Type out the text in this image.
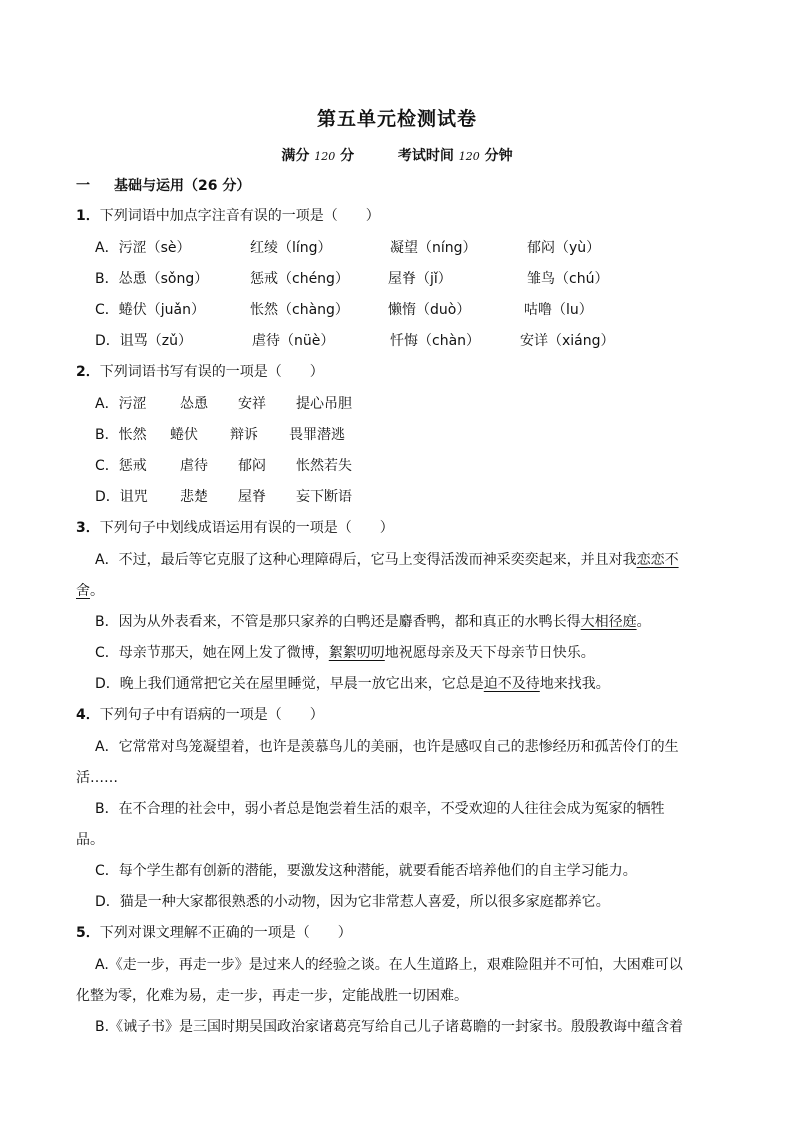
第五单元检测试卷
满分 120 分	考试时间 120 分钟
一 基础与运用（26 分）
1．下列词语中加点字注音有误的一项是（　　）
A．污涩（sè）	红绫（líng）	凝望（níng）	郁闷（yù）
B．怂恿（sǒng）	惩戒（chéng）	屋脊（jǐ）	雏鸟（chú）
C．蜷伏（juǎn）	怅然（chàng）	懒惰（duò）	咕噜（lu）
D．诅骂（zǔ）	虐待（nüè）	忏悔（chàn）	安详（xiáng）
2．下列词语书写有误的一项是（　　）
A．污涩 怂恿 安祥 提心吊胆
B．怅然 蜷伏 辩诉 畏罪潜逃
C．惩戒 虐待 郁闷 怅然若失
D．诅咒 悲楚 屋脊 妄下断语
3．下列句子中划线成语运用有误的一项是（　　）
A．不过，最后等它克服了这种心理障碍后，它马上变得活泼而神采奕奕起来，并且对我恋恋不
舍。
B．因为从外表看来，不管是那只家养的白鸭还是麝香鸭，都和真正的水鸭长得大相径庭。
C．母亲节那天，她在网上发了微博，絮絮叨叨地祝愿母亲及天下母亲节日快乐。
D．晚上我们通常把它关在屋里睡觉，早晨一放它出来，它总是迫不及待地来找我。
4．下列句子中有语病的一项是（　　）
A．它常常对鸟笼凝望着，也许是羡慕鸟儿的美丽，也许是感叹自己的悲惨经历和孤苦伶仃的生
活……
B．在不合理的社会中，弱小者总是饱尝着生活的艰辛，不受欢迎的人往往会成为冤家的牺牲
品。
C．每个学生都有创新的潜能，要激发这种潜能，就要看能否培养他们的自主学习能力。
D．猫是一种大家都很熟悉的小动物，因为它非常惹人喜爱，所以很多家庭都养它。
5．下列对课文理解不正确的一项是（　　）
A.《走一步，再走一步》是过来人的经验之谈。在人生道路上，艰难险阻并不可怕，大困难可以
化整为零，化难为易，走一步，再走一步，定能战胜一切困难。
B.《诫子书》是三国时期吴国政治家诸葛亮写给自己儿子诸葛瞻的一封家书。殷殷教诲中蕴含着
